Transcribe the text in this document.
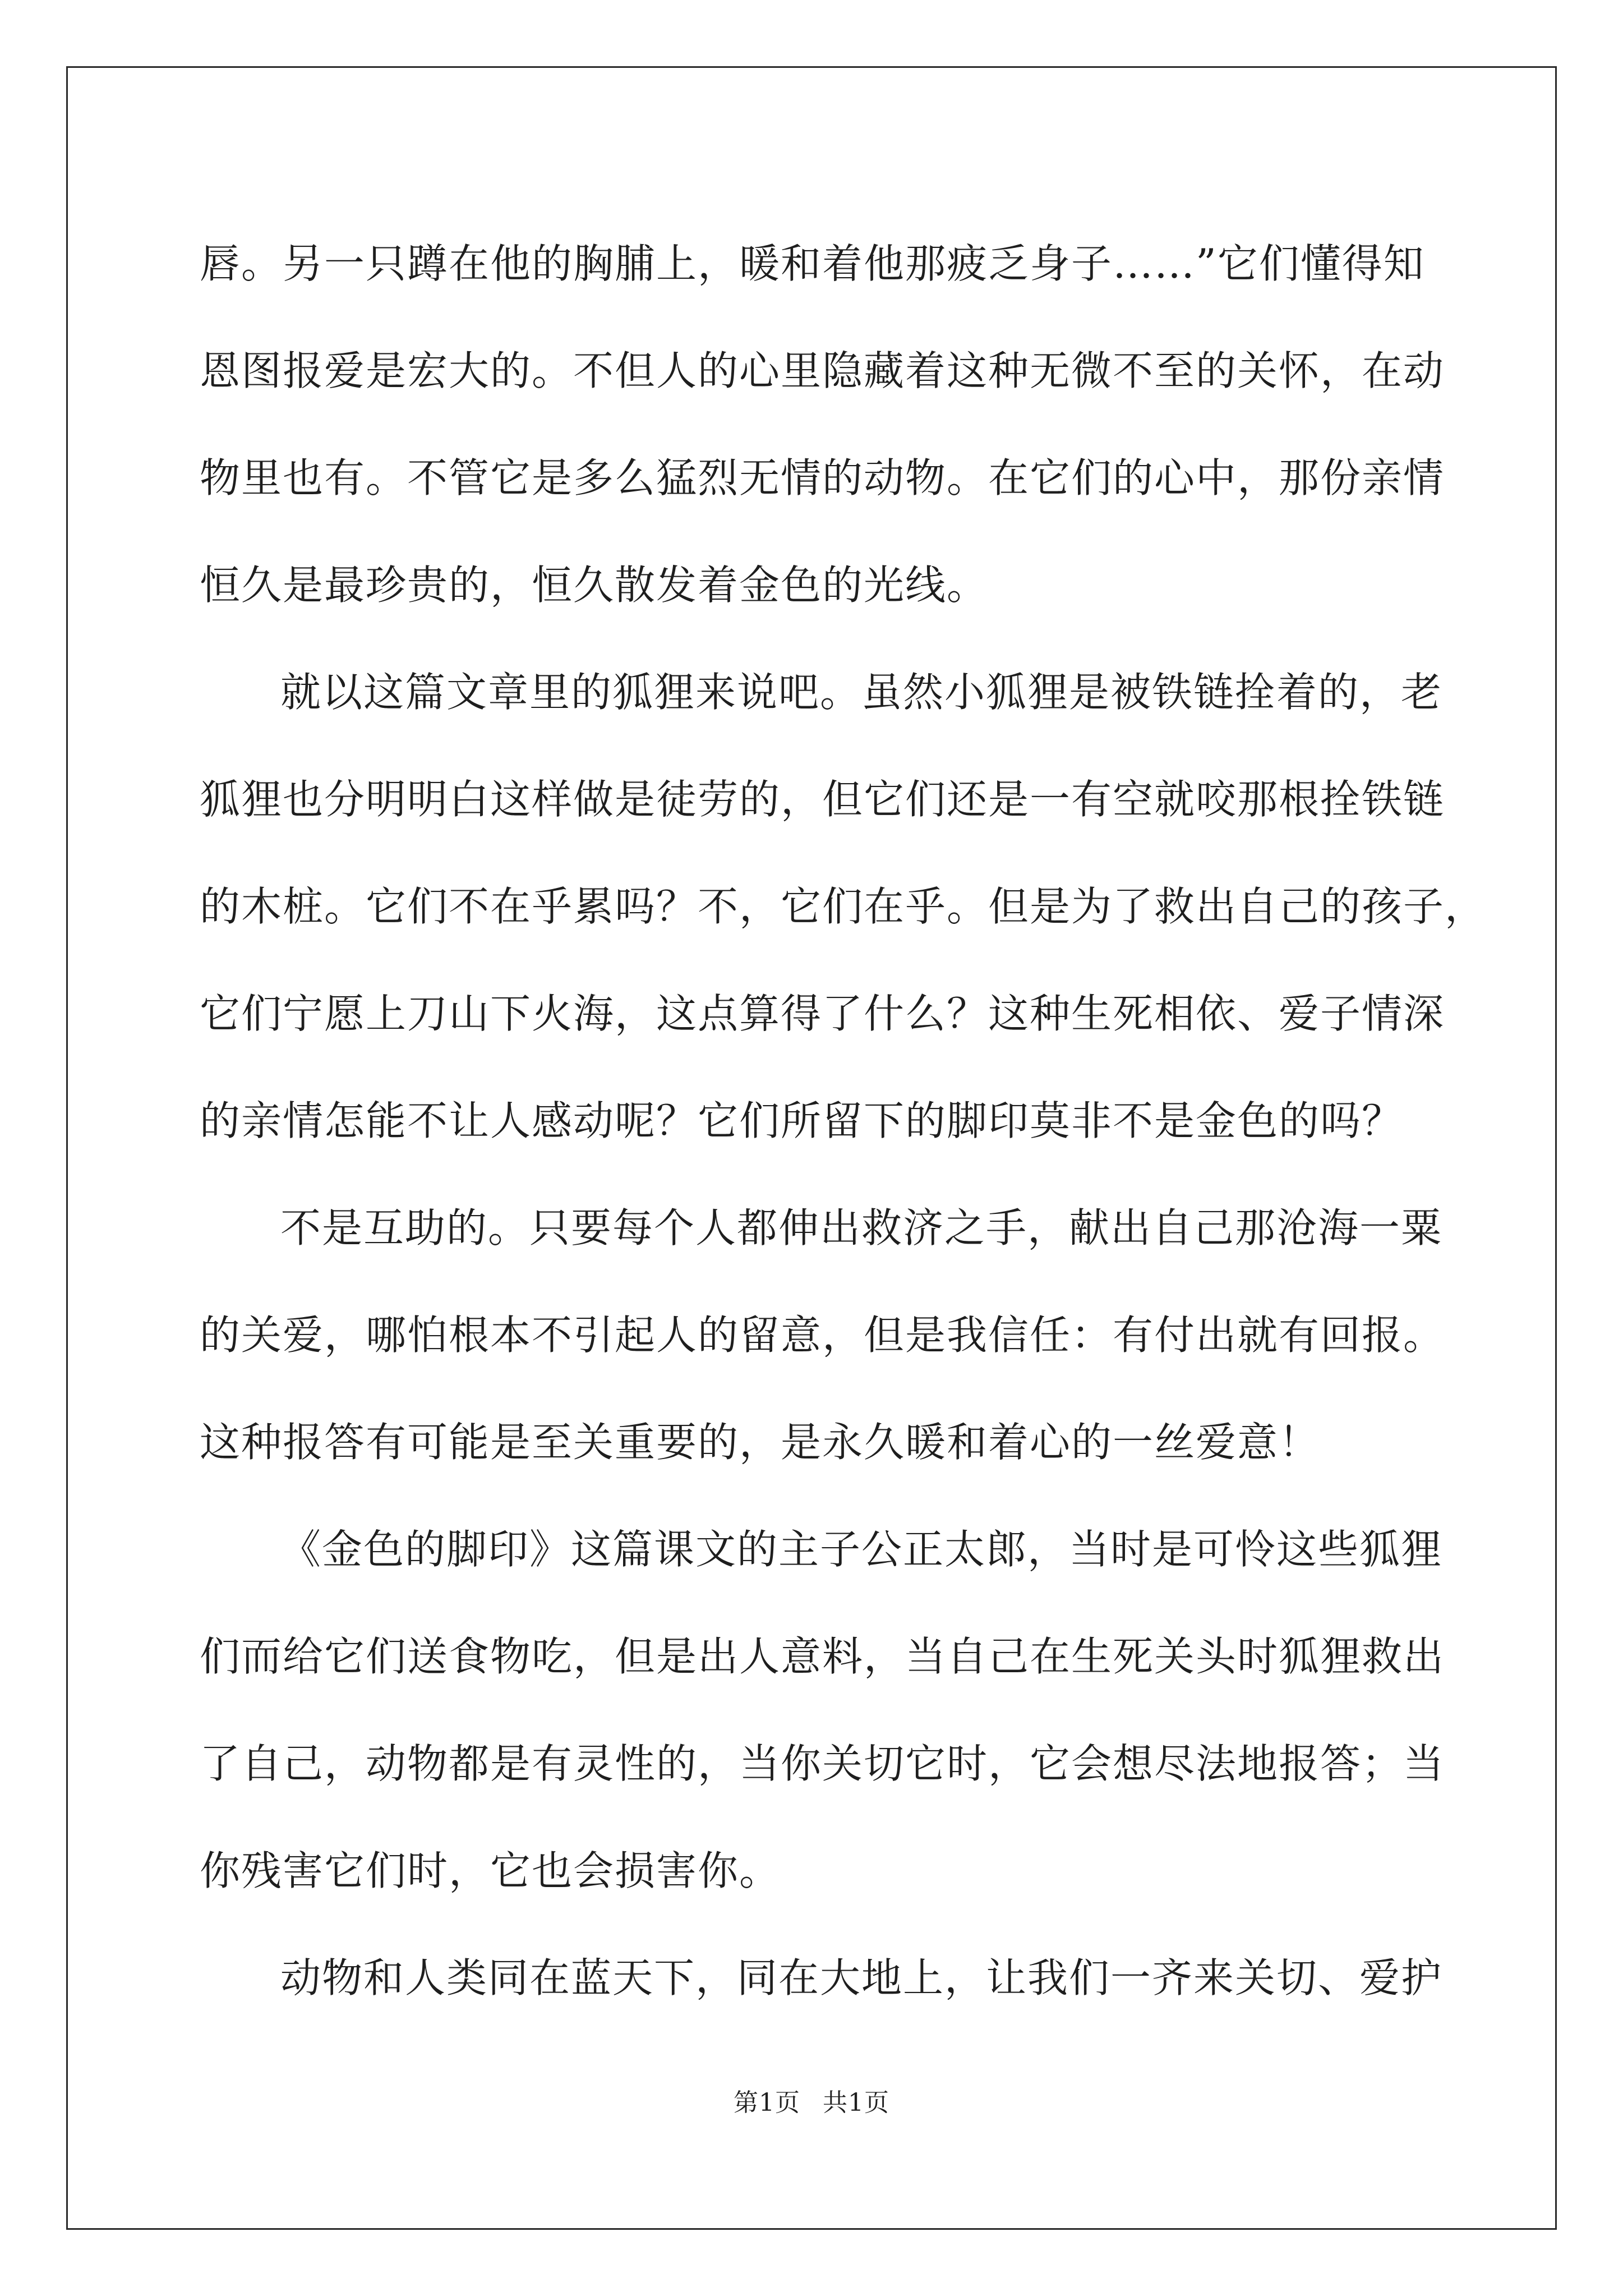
唇。另一只蹲在他的胸脯上，暖和着他那疲乏身子……”它们懂得知
恩图报爱是宏大的。不但人的心里隐藏着这种无微不至的关怀，在动
物里也有。不管它是多么猛烈无情的动物。在它们的心中，那份亲情
恒久是最珍贵的，恒久散发着金色的光线。
就以这篇文章里的狐狸来说吧。虽然小狐狸是被铁链拴着的，老
狐狸也分明明白这样做是徒劳的，但它们还是一有空就咬那根拴铁链
的木桩。它们不在乎累吗？不，它们在乎。但是为了救出自己的孩子，
它们宁愿上刀山下火海，这点算得了什么？这种生死相依、爱子情深
的亲情怎能不让人感动呢？它们所留下的脚印莫非不是金色的吗？
不是互助的。只要每个人都伸出救济之手，献出自己那沧海一粟
的关爱，哪怕根本不引起人的留意，但是我信任：有付出就有回报。
这种报答有可能是至关重要的，是永久暖和着心的一丝爱意！
《金色的脚印》这篇课文的主子公正太郎，当时是可怜这些狐狸
们而给它们送食物吃，但是出人意料，当自己在生死关头时狐狸救出
了自己，动物都是有灵性的，当你关切它时，它会想尽法地报答；当
你残害它们时，它也会损害你。
动物和人类同在蓝天下，同在大地上，让我们一齐来关切、爱护
第1页 共1页
